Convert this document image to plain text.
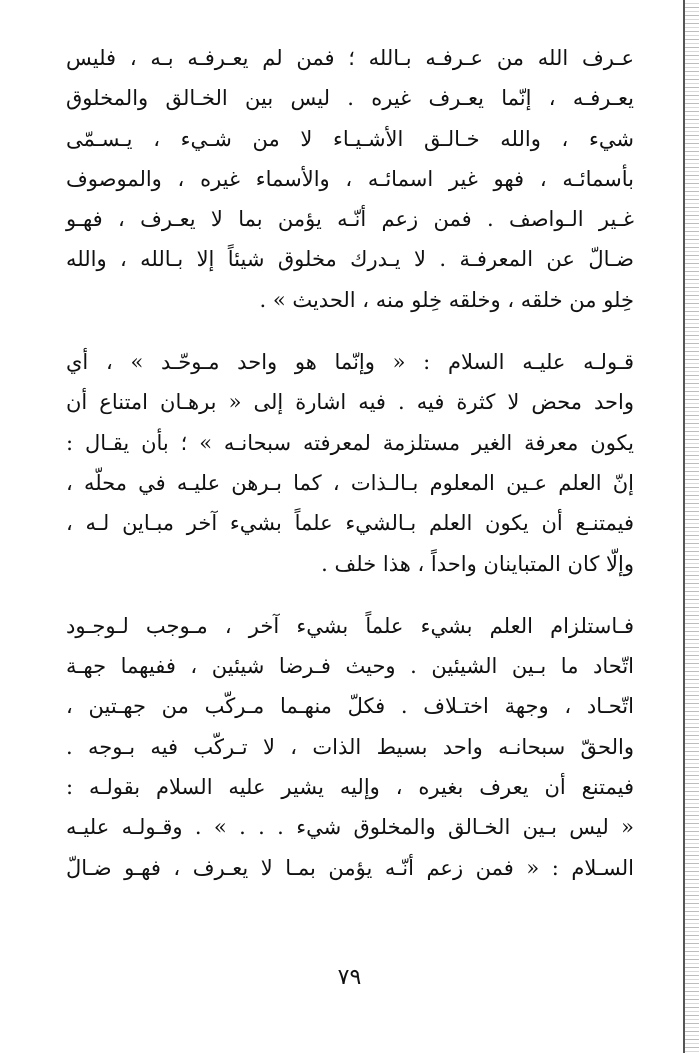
عـرف الله من عـرفـه بـالله ؛ فمن لم يعـرفـه بـه ، فليس
يعـرفـه ، إنّما يعـرف غيره . ليس بين الخـالق والمخلوق
شيء ، والله خـالـق الأشـيـاء لا من شـيء ، يـسـمّى
بأسمائـه ، فهو غير اسمائـه ، والأسماء غيره ، والموصوف
غـير الـواصف . فمن زعم أنّـه يؤمن بما لا يعـرف ، فهـو
ضـالّ عن المعرفـة . لا يـدرك مخلوق شيئاً إلا بـالله ، والله
خِلو من خلقه ، وخلقه خِلو منه ، الحديث » .
قـولـه عليـه السلام : « وإنّما هو واحد مـوحّـد » ، أي
واحد محض لا كثرة فيه . فيه اشارة إلى « برهـان امتناع أن
يكون معرفة الغير مستلزمة لمعرفته سبحانـه » ؛ بأن يقـال :
إنّ العلم عـين المعلوم بـالـذات ، كما بـرهن عليـه في محلّه ،
فيمتنـع أن يكون العلم بـالشيء علماً بشيء آخر مبـاين لـه ،
وإلّا كان المتباينان واحداً ، هذا خلف .
فـاستلزام العلم بشيء علماً بشيء آخر ، مـوجب لـوجـود
اتّحاد ما بـين الشيئين . وحيث فـرضا شيئين ، ففيهما جهـة
اتّحـاد ، وجهة اختـلاف . فكلّ منهـما مـركّب من جهـتين ،
والحقّ سبحانـه واحد بسيط الذات ، لا تـركّب فيه بـوجه .
فيمتنع أن يعرف بغيره ، وإليه يشير عليه السلام بقولـه :
« ليس بـين الخـالق والمخلوق شيء . . . » . وقـولـه عليـه
السـلام : « فمن زعم أنّـه يؤمن بمـا لا يعـرف ، فهـو ضـالّ
٧٩
